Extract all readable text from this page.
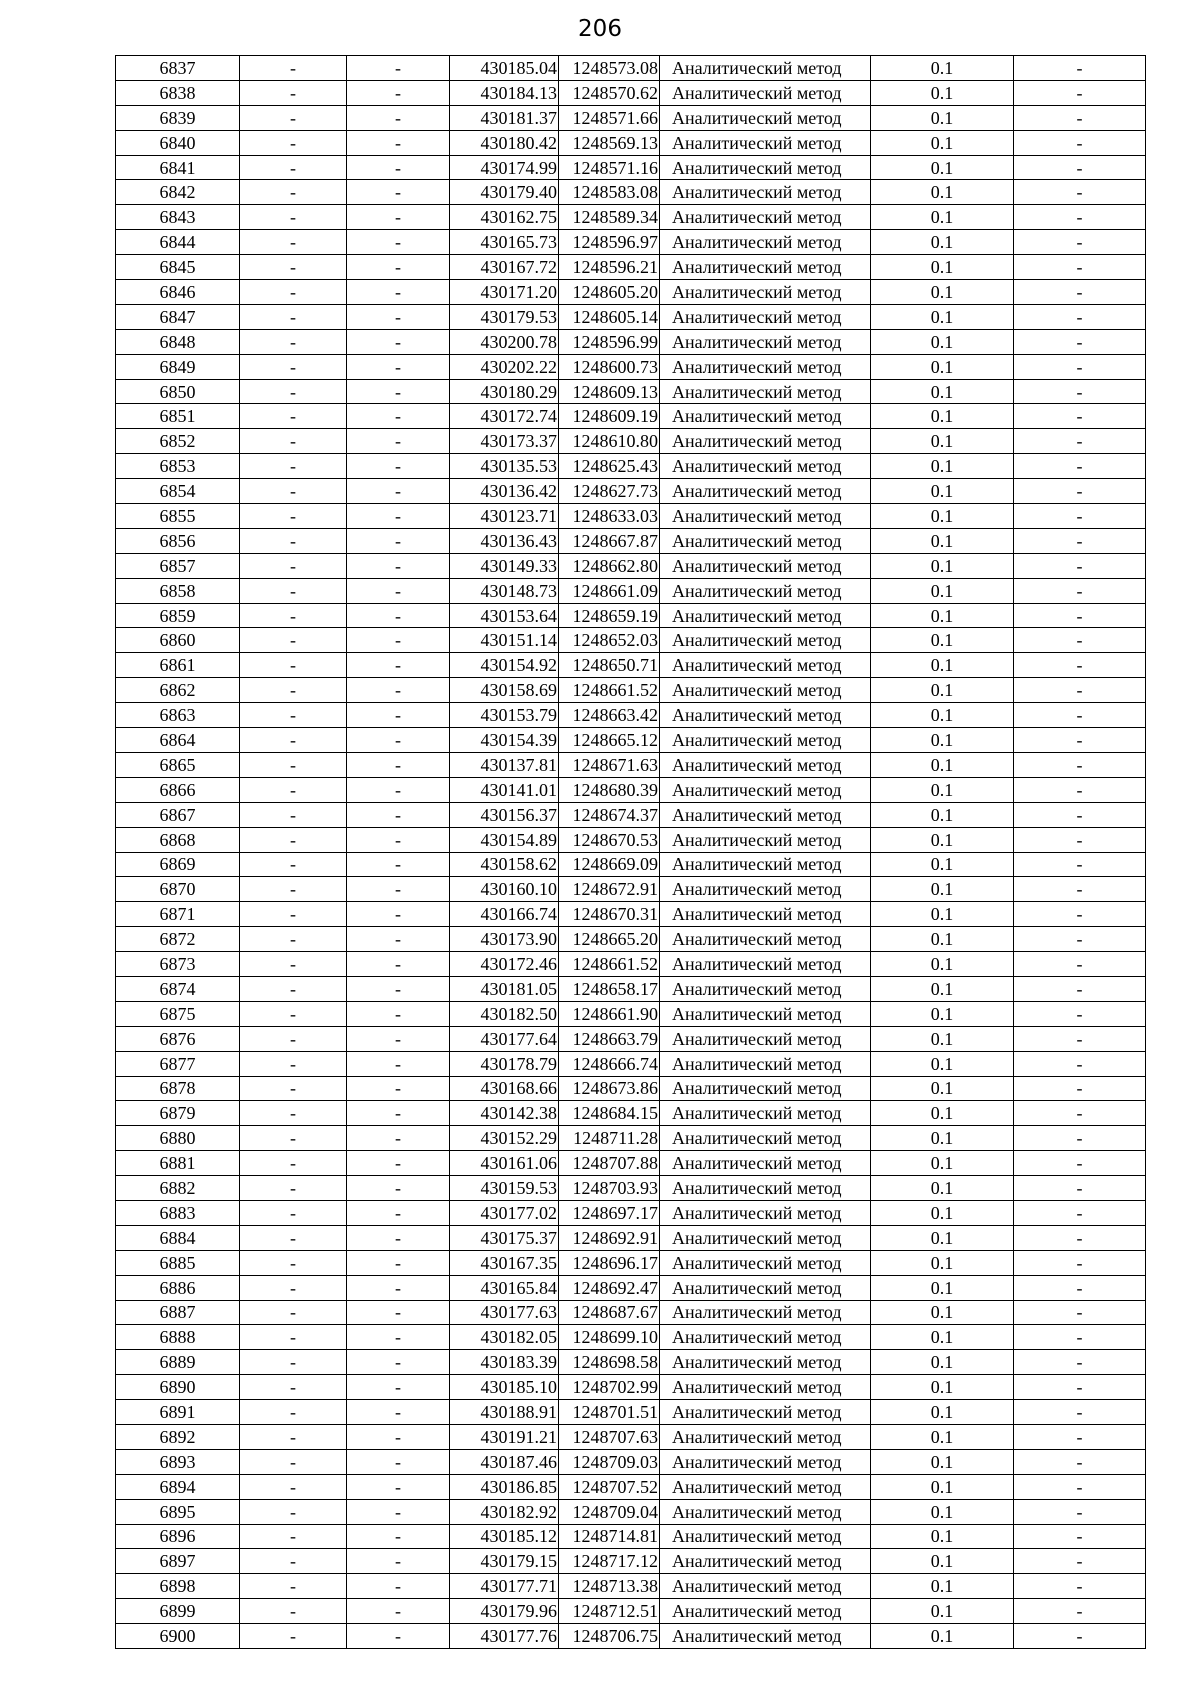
206
6837	-	-	430185.04	1248573.08	Аналитический метод	0.1	-
6838	-	-	430184.13	1248570.62	Аналитический метод	0.1	-
6839	-	-	430181.37	1248571.66	Аналитический метод	0.1	-
6840	-	-	430180.42	1248569.13	Аналитический метод	0.1	-
6841	-	-	430174.99	1248571.16	Аналитический метод	0.1	-
6842	-	-	430179.40	1248583.08	Аналитический метод	0.1	-
6843	-	-	430162.75	1248589.34	Аналитический метод	0.1	-
6844	-	-	430165.73	1248596.97	Аналитический метод	0.1	-
6845	-	-	430167.72	1248596.21	Аналитический метод	0.1	-
6846	-	-	430171.20	1248605.20	Аналитический метод	0.1	-
6847	-	-	430179.53	1248605.14	Аналитический метод	0.1	-
6848	-	-	430200.78	1248596.99	Аналитический метод	0.1	-
6849	-	-	430202.22	1248600.73	Аналитический метод	0.1	-
6850	-	-	430180.29	1248609.13	Аналитический метод	0.1	-
6851	-	-	430172.74	1248609.19	Аналитический метод	0.1	-
6852	-	-	430173.37	1248610.80	Аналитический метод	0.1	-
6853	-	-	430135.53	1248625.43	Аналитический метод	0.1	-
6854	-	-	430136.42	1248627.73	Аналитический метод	0.1	-
6855	-	-	430123.71	1248633.03	Аналитический метод	0.1	-
6856	-	-	430136.43	1248667.87	Аналитический метод	0.1	-
6857	-	-	430149.33	1248662.80	Аналитический метод	0.1	-
6858	-	-	430148.73	1248661.09	Аналитический метод	0.1	-
6859	-	-	430153.64	1248659.19	Аналитический метод	0.1	-
6860	-	-	430151.14	1248652.03	Аналитический метод	0.1	-
6861	-	-	430154.92	1248650.71	Аналитический метод	0.1	-
6862	-	-	430158.69	1248661.52	Аналитический метод	0.1	-
6863	-	-	430153.79	1248663.42	Аналитический метод	0.1	-
6864	-	-	430154.39	1248665.12	Аналитический метод	0.1	-
6865	-	-	430137.81	1248671.63	Аналитический метод	0.1	-
6866	-	-	430141.01	1248680.39	Аналитический метод	0.1	-
6867	-	-	430156.37	1248674.37	Аналитический метод	0.1	-
6868	-	-	430154.89	1248670.53	Аналитический метод	0.1	-
6869	-	-	430158.62	1248669.09	Аналитический метод	0.1	-
6870	-	-	430160.10	1248672.91	Аналитический метод	0.1	-
6871	-	-	430166.74	1248670.31	Аналитический метод	0.1	-
6872	-	-	430173.90	1248665.20	Аналитический метод	0.1	-
6873	-	-	430172.46	1248661.52	Аналитический метод	0.1	-
6874	-	-	430181.05	1248658.17	Аналитический метод	0.1	-
6875	-	-	430182.50	1248661.90	Аналитический метод	0.1	-
6876	-	-	430177.64	1248663.79	Аналитический метод	0.1	-
6877	-	-	430178.79	1248666.74	Аналитический метод	0.1	-
6878	-	-	430168.66	1248673.86	Аналитический метод	0.1	-
6879	-	-	430142.38	1248684.15	Аналитический метод	0.1	-
6880	-	-	430152.29	1248711.28	Аналитический метод	0.1	-
6881	-	-	430161.06	1248707.88	Аналитический метод	0.1	-
6882	-	-	430159.53	1248703.93	Аналитический метод	0.1	-
6883	-	-	430177.02	1248697.17	Аналитический метод	0.1	-
6884	-	-	430175.37	1248692.91	Аналитический метод	0.1	-
6885	-	-	430167.35	1248696.17	Аналитический метод	0.1	-
6886	-	-	430165.84	1248692.47	Аналитический метод	0.1	-
6887	-	-	430177.63	1248687.67	Аналитический метод	0.1	-
6888	-	-	430182.05	1248699.10	Аналитический метод	0.1	-
6889	-	-	430183.39	1248698.58	Аналитический метод	0.1	-
6890	-	-	430185.10	1248702.99	Аналитический метод	0.1	-
6891	-	-	430188.91	1248701.51	Аналитический метод	0.1	-
6892	-	-	430191.21	1248707.63	Аналитический метод	0.1	-
6893	-	-	430187.46	1248709.03	Аналитический метод	0.1	-
6894	-	-	430186.85	1248707.52	Аналитический метод	0.1	-
6895	-	-	430182.92	1248709.04	Аналитический метод	0.1	-
6896	-	-	430185.12	1248714.81	Аналитический метод	0.1	-
6897	-	-	430179.15	1248717.12	Аналитический метод	0.1	-
6898	-	-	430177.71	1248713.38	Аналитический метод	0.1	-
6899	-	-	430179.96	1248712.51	Аналитический метод	0.1	-
6900	-	-	430177.76	1248706.75	Аналитический метод	0.1	-
